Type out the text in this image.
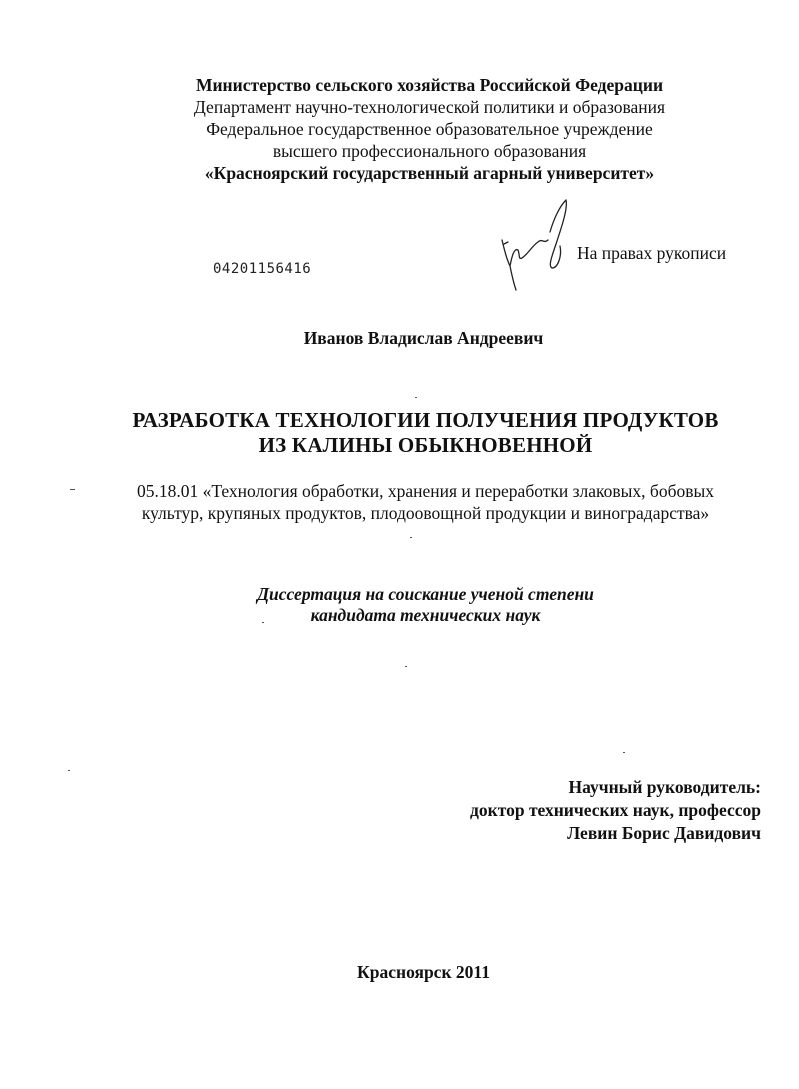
Министерство сельского хозяйства Российской Федерации
Департамент научно-технологической политики и образования
Федеральное государственное образовательное учреждение
высшего профессионального образования
«Красноярский государственный агарный университет»
На правах рукописи
04201156416
Иванов Владислав Андреевич
РАЗРАБОТКА ТЕХНОЛОГИИ ПОЛУЧЕНИЯ ПРОДУКТОВ
ИЗ КАЛИНЫ ОБЫКНОВЕННОЙ
05.18.01 «Технология обработки, хранения и переработки злаковых, бобовых
культур, крупяных продуктов, плодоовощной продукции и виноградарства»
Диссертация на соискание ученой степени
кандидата технических наук
Научный руководитель:
доктор технических наук, профессор
Левин Борис Давидович
Красноярск 2011
